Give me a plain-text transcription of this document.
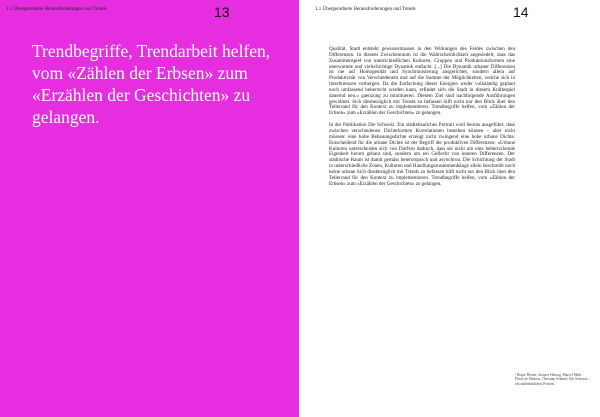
1.1 Übergeordnete Herausforderungen und Trends	13
Trendbegriffe, Trendarbeit helfen, vom «Zählen der Erbsen» zum «Erzählen der Geschichten» zu gelangen.
1.1 Übergeordnete Herausforderungen und Trends	14

Qualität, Stadt entsteht gewissermassen in den Wirkungen des Feldes zwischen den Differenzen. In diesem Zwischenraum ist die Wahrscheinlichkeit angesiedelt, dass das Zusammenspiel von unterschiedlichen Kulturen, Gruppen und Produktionsformen eine unerwartete und vielschichtige Dynamik entfacht. [...] Die Dynamik urbaner Differenzen ist nie auf Homogenität und Synchronisierung ausgerichtet, sondern allein auf Produktivität von Verschiedenem und auf die Summe der Möglichkeiten, welche sich in Interferenzen vorbergen. Da die Entfachung dieser Energien weder vollständig geplant noch umfassend beherrscht werden kann, erfindet sich die Stadt in diesem Kräftespiel dauernd neu.» gaenzung zu minimieren. Diesem Ziel sind nachfolgende Ausführungen gewidmet. Sich diesbezüglich mit Trends zu befassen hilft nicht nur den Blick über den Tellerrand für den Kontext zu implementieren. Trendbegriffe helfen, vom «Zählen der Erbsen» zum «Erzählen der Geschichten» zu gelangen.

In der Publikation Die Schweiz. Ein städtebauliches Portrait wird bereits ausgeführt, dass zwischen verschiedenen Dichteformen Korrelationen bestehen können – aber nicht müssen: eine hohe Bebauungsdichte erzeugt nicht zwingend eine hohe urbane Dichte. Entscheidend für die urbane Dichte ist der Begriff der produktiven Differenzen: «Urbane Kulturen unterscheiden sich von Dörfern dadurch, dass sie nicht um eine beherrschende Eigenheit herum gebaut sind, sondern um ein Geflecht von inneren Differenzen. Der städtische Raum ist damit gemäss heterotopisch und asynchron. Die Schichtung der Stadt in unterschiedliche Zonen, Kulturen und Handlungszusammenhänge allein beschreibt noch keine urbane Sich diesbezüglich mit Trends zu befassen hilft nicht nur den Blick über den Tellerrand für den Kontext zu implementieren. Trendbegriffe helfen, vom «Zählen der Erbsen» zum «Erzählen der Geschichten» zu gelangen.

¹ Roger Diener, Jacques Herzog, Marcel Meili, Pierre de Meuron, Christian Schmid: Die Schweiz – ein städtebauliches Portrait.
